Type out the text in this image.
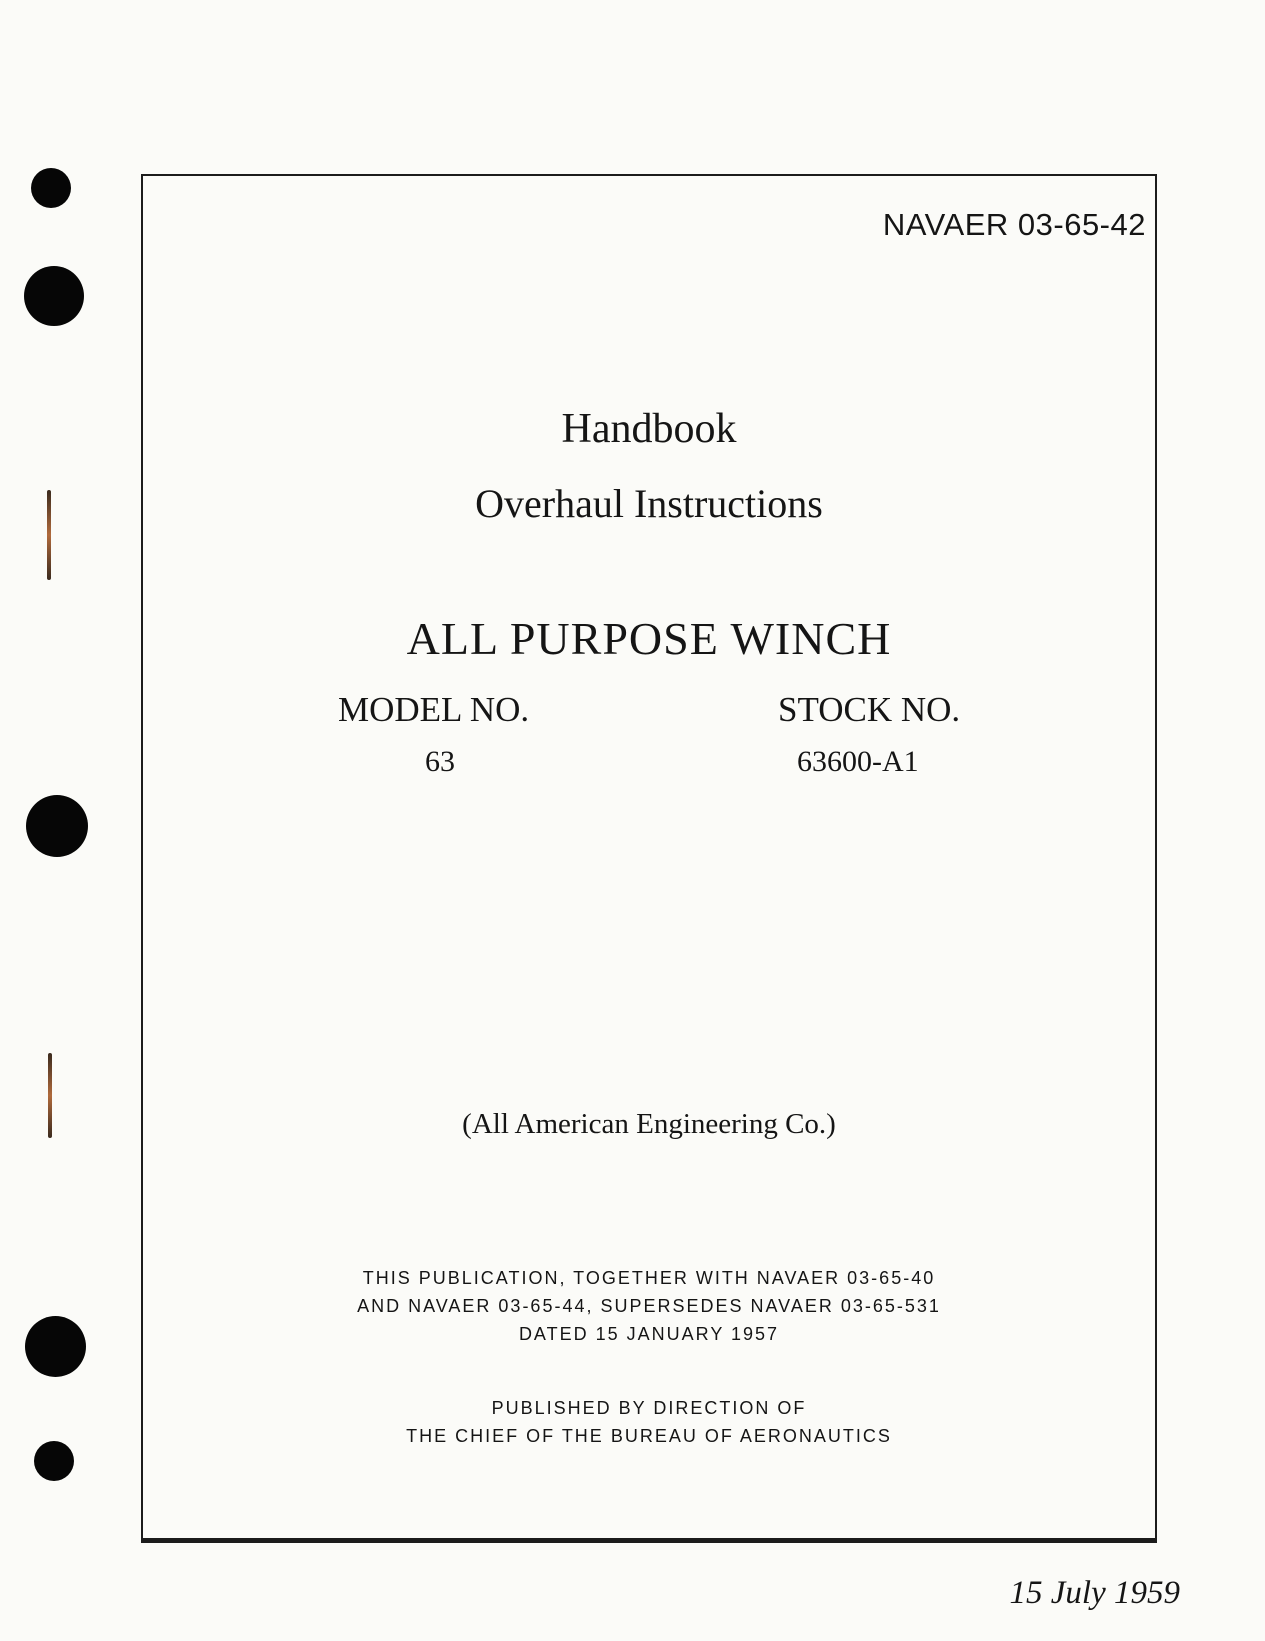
NAVAER 03-65-42
Handbook
Overhaul Instructions
ALL PURPOSE WINCH
MODEL NO.
63
STOCK NO.
63600-A1
(All American Engineering Co.)
THIS PUBLICATION, TOGETHER WITH NAVAER 03-65-40
AND NAVAER 03-65-44, SUPERSEDES NAVAER 03-65-531
DATED 15 JANUARY 1957
PUBLISHED BY DIRECTION OF
THE CHIEF OF THE BUREAU OF AERONAUTICS
15 July 1959
